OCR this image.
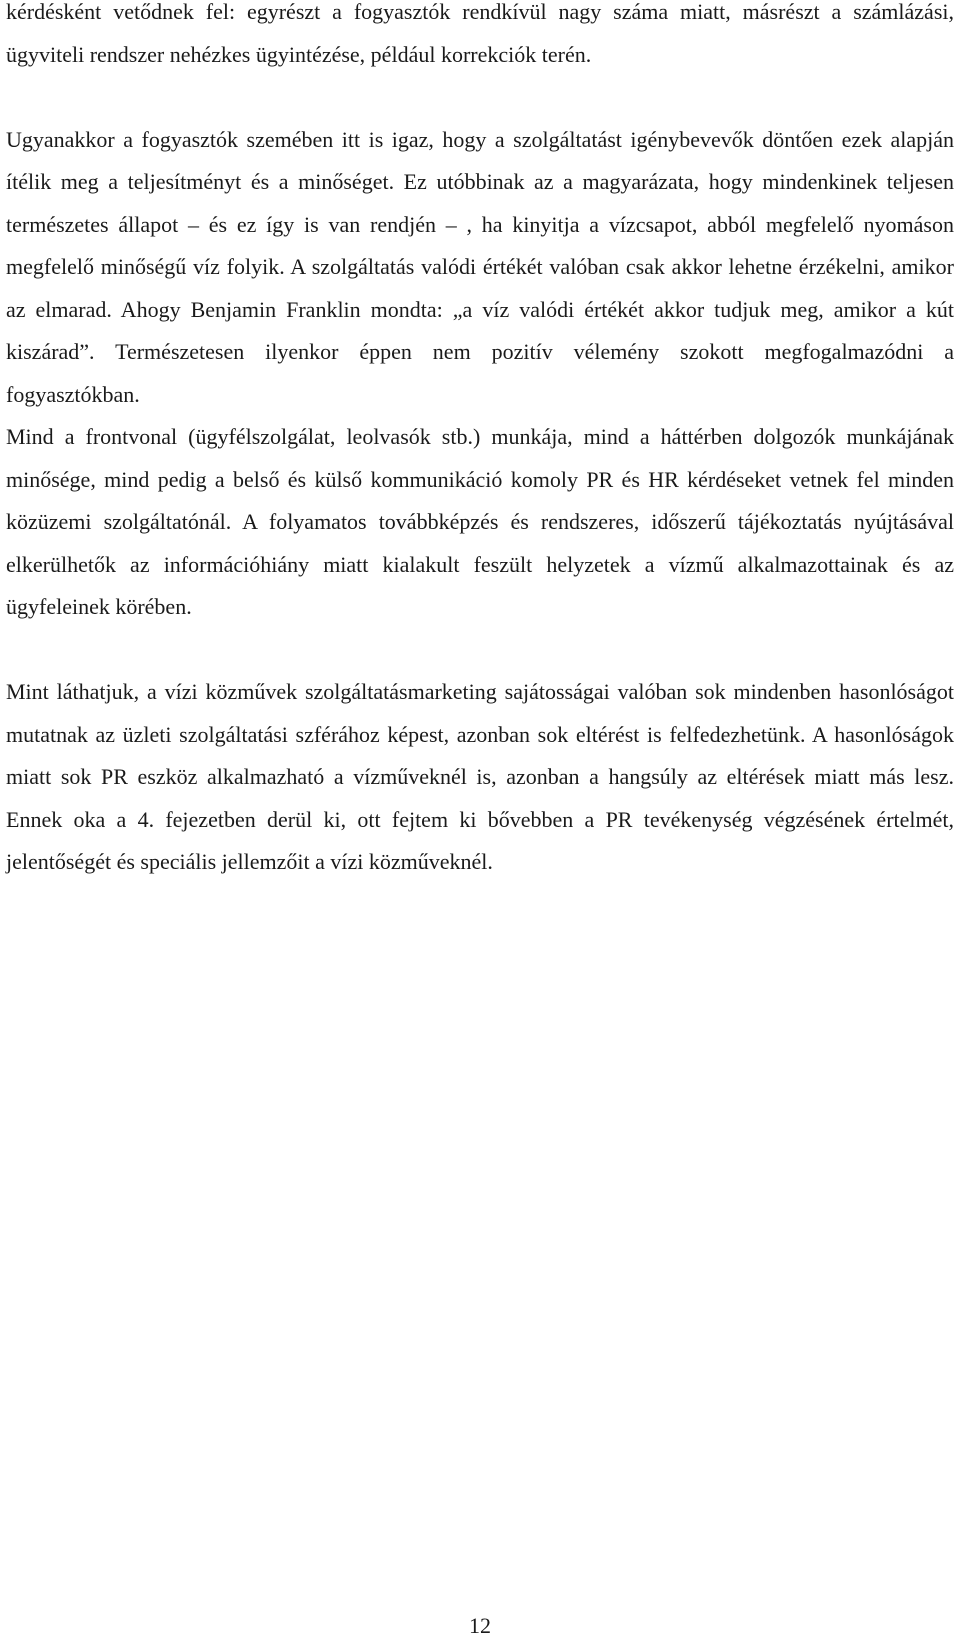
kérdésként vetődnek fel: egyrészt a fogyasztók rendkívül nagy száma miatt, másrészt a számlázási, ügyviteli rendszer nehézkes ügyintézése, például korrekciók terén.

Ugyanakkor a fogyasztók szemében itt is igaz, hogy a szolgáltatást igénybevevők döntően ezek alapján ítélik meg a teljesítményt és a minőséget. Ez utóbbinak az a magyarázata, hogy mindenkinek teljesen természetes állapot – és ez így is van rendjén – , ha kinyitja a vízcsapot, abból megfelelő nyomáson megfelelő minőségű víz folyik. A szolgáltatás valódi értékét valóban csak akkor lehetne érzékelni, amikor az elmarad. Ahogy Benjamin Franklin mondta: „a víz valódi értékét akkor tudjuk meg, amikor a kút kiszárad”. Természetesen ilyenkor éppen nem pozitív vélemény szokott megfogalmazódni a fogyasztókban.

Mind a frontvonal (ügyfélszolgálat, leolvasók stb.) munkája, mind a háttérben dolgozók munkájának minősége, mind pedig a belső és külső kommunikáció komoly PR és HR kérdéseket vetnek fel minden közüzemi szolgáltatónál. A folyamatos továbbképzés és rendszeres, időszerű tájékoztatás nyújtásával elkerülhetők az információhiány miatt kialakult feszült helyzetek a vízmű alkalmazottainak és az ügyfeleinek körében.

Mint láthatjuk, a vízi közművek szolgáltatásmarketing sajátosságai valóban sok mindenben hasonlóságot mutatnak az üzleti szolgáltatási szférához képest, azonban sok eltérést is felfedezhetünk. A hasonlóságok miatt sok PR eszköz alkalmazható a vízműveknél is, azonban a hangsúly az eltérések miatt más lesz. Ennek oka a 4. fejezetben derül ki, ott fejtem ki bővebben a PR tevékenység végzésének értelmét, jelentőségét és speciális jellemzőit a vízi közműveknél.

12
